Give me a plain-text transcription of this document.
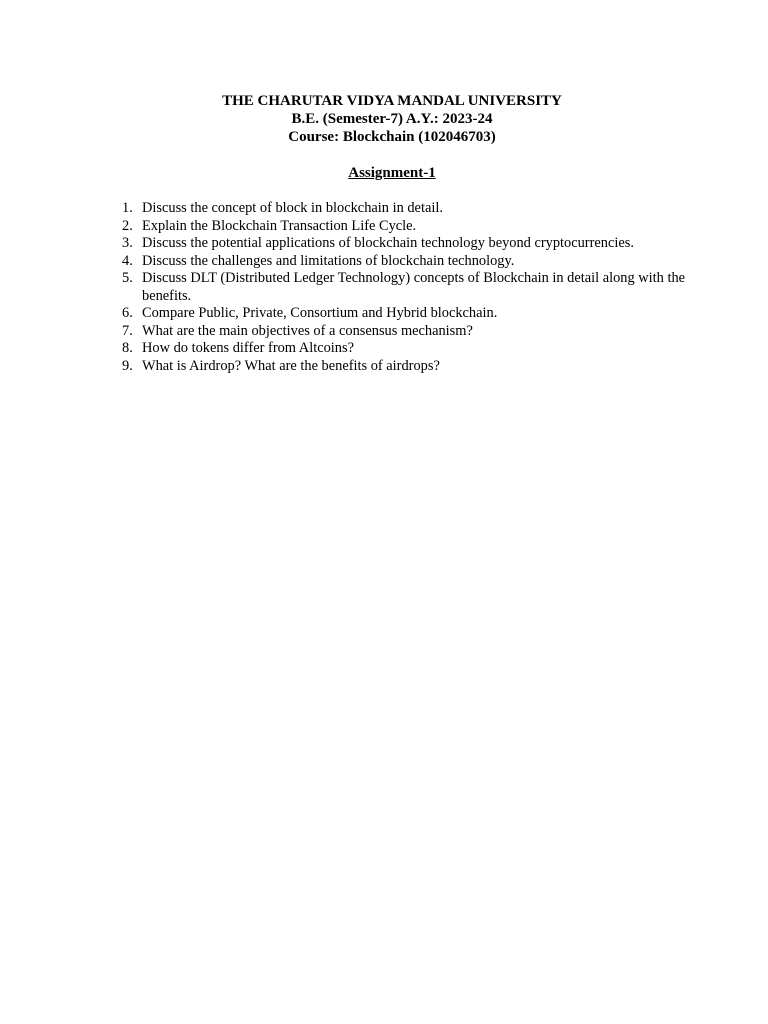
THE CHARUTAR VIDYA MANDAL UNIVERSITY
B.E. (Semester-7) A.Y.: 2023-24
Course: Blockchain (102046703)
Assignment-1
1. Discuss the concept of block in blockchain in detail.
2. Explain the Blockchain Transaction Life Cycle.
3. Discuss the potential applications of blockchain technology beyond cryptocurrencies.
4. Discuss the challenges and limitations of blockchain technology.
5. Discuss DLT (Distributed Ledger Technology) concepts of Blockchain in detail along with the benefits.
6. Compare Public, Private, Consortium and Hybrid blockchain.
7. What are the main objectives of a consensus mechanism?
8. How do tokens differ from Altcoins?
9. What is Airdrop? What are the benefits of airdrops?
